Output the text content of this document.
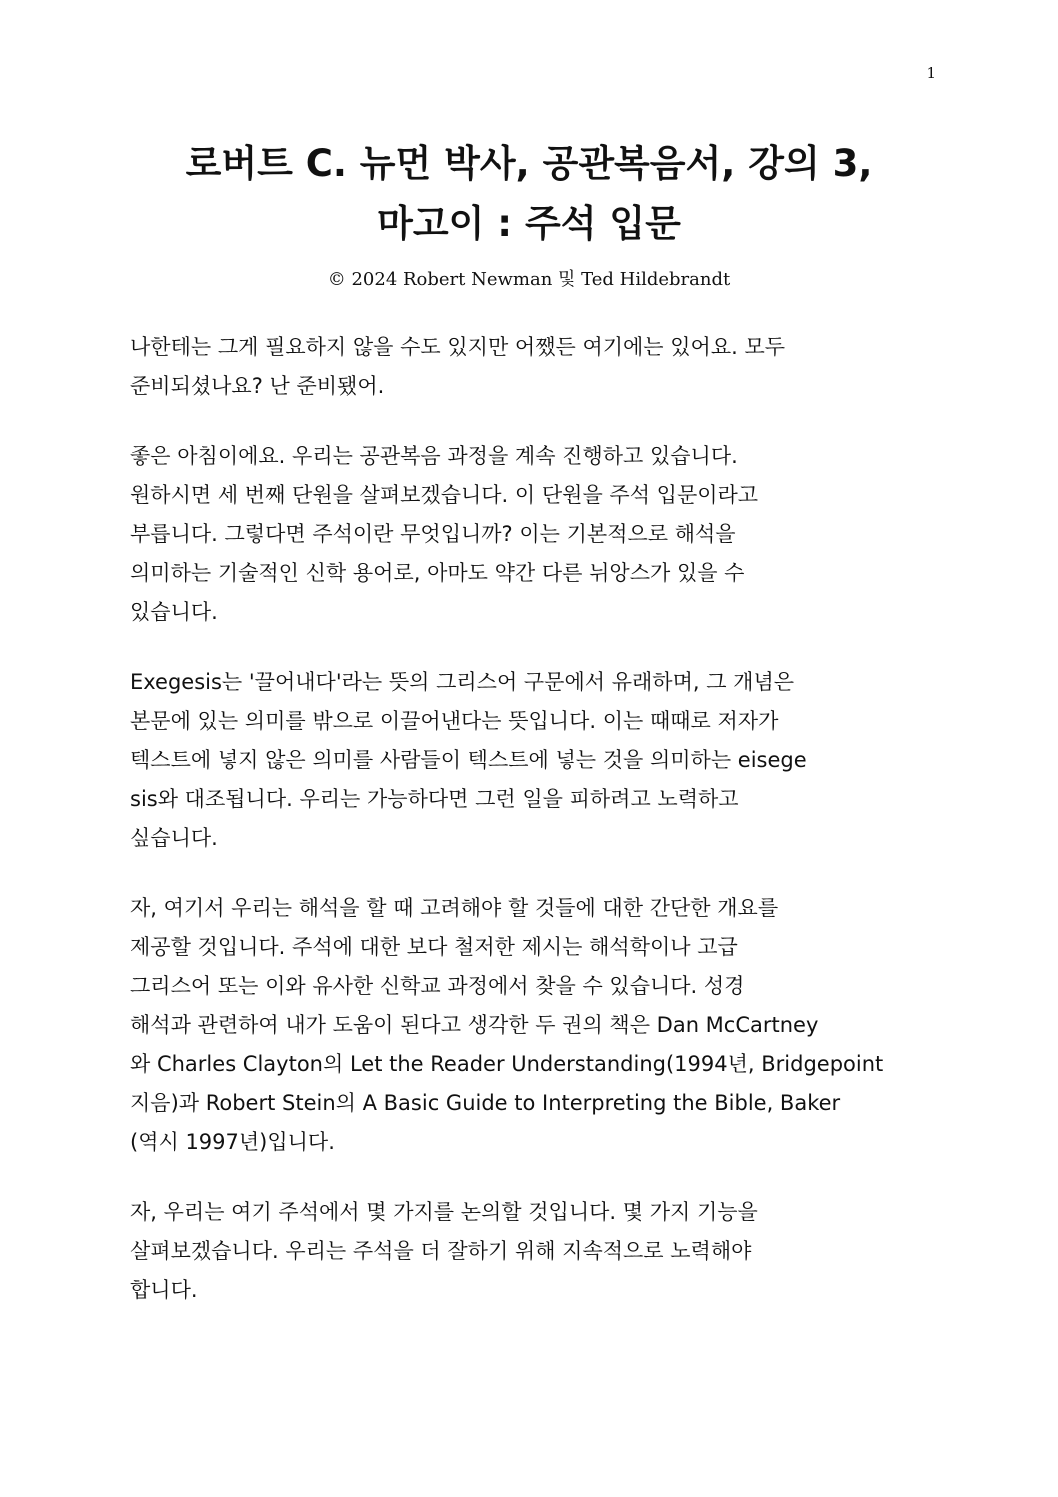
1
로버트 C. 뉴먼 박사, 공관복음서, 강의 3,
마고이 : 주석 입문
© 2024 Robert Newman 및 Ted Hildebrandt
나한테는 그게 필요하지 않을 수도 있지만 어쨌든 여기에는 있어요. 모두
준비되셨나요? 난 준비됐어.
좋은 아침이에요. 우리는 공관복음 과정을 계속 진행하고 있습니다.
원하시면 세 번째 단원을 살펴보겠습니다. 이 단원을 주석 입문이라고
부릅니다. 그렇다면 주석이란 무엇입니까? 이는 기본적으로 해석을
의미하는 기술적인 신학 용어로, 아마도 약간 다른 뉘앙스가 있을 수
있습니다.
Exegesis는 '끌어내다'라는 뜻의 그리스어 구문에서 유래하며, 그 개념은
본문에 있는 의미를 밖으로 이끌어낸다는 뜻입니다. 이는 때때로 저자가
텍스트에 넣지 않은 의미를 사람들이 텍스트에 넣는 것을 의미하는 eisege
sis와 대조됩니다. 우리는 가능하다면 그런 일을 피하려고 노력하고
싶습니다.
자, 여기서 우리는 해석을 할 때 고려해야 할 것들에 대한 간단한 개요를
제공할 것입니다. 주석에 대한 보다 철저한 제시는 해석학이나 고급
그리스어 또는 이와 유사한 신학교 과정에서 찾을 수 있습니다. 성경
해석과 관련하여 내가 도움이 된다고 생각한 두 권의 책은 Dan McCartney
와 Charles Clayton의 Let the Reader Understanding(1994년, Bridgepoint
지음)과 Robert Stein의 A Basic Guide to Interpreting the Bible, Baker
(역시 1997년)입니다.
자, 우리는 여기 주석에서 몇 가지를 논의할 것입니다. 몇 가지 기능을
살펴보겠습니다. 우리는 주석을 더 잘하기 위해 지속적으로 노력해야
합니다.
